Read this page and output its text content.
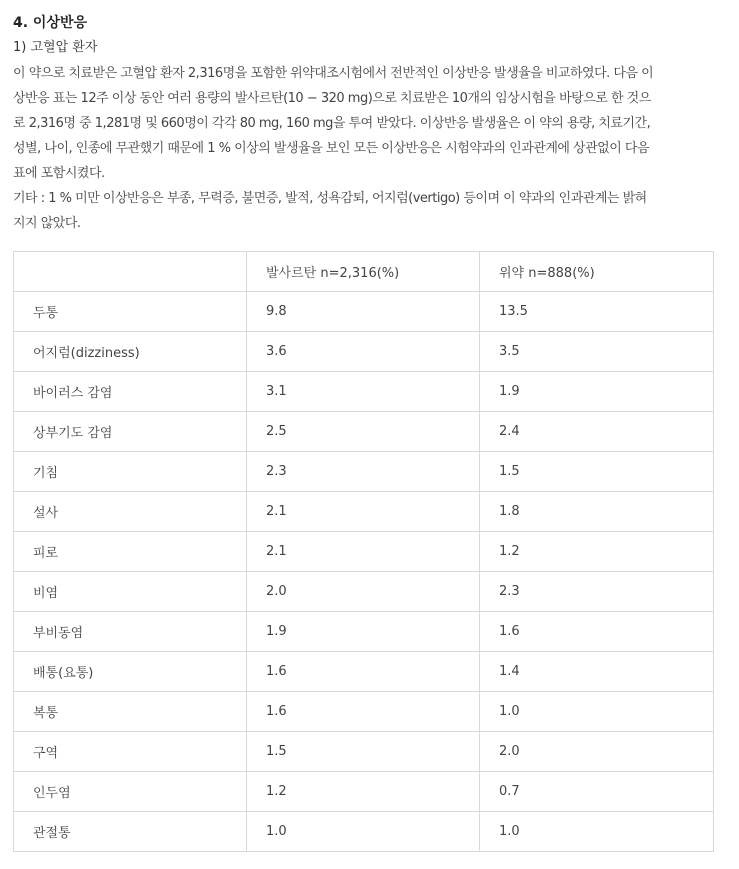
4. 이상반응
1) 고혈압 환자
이 약으로 치료받은 고혈압 환자 2,316명을 포함한 위약대조시험에서 전반적인 이상반응 발생율을 비교하였다. 다음 이
상반응 표는 12주 이상 동안 여러 용량의 발사르탄(10 − 320 mg)으로 치료받은 10개의 임상시험을 바탕으로 한 것으
로 2,316명 중 1,281명 및 660명이 각각 80 mg, 160 mg을 투여 받았다. 이상반응 발생율은 이 약의 용량, 치료기간,
성별, 나이, 인종에 무관했기 때문에 1 % 이상의 발생율을 보인 모든 이상반응은 시험약과의 인과관계에 상관없이 다음
표에 포함시켰다.
기타 : 1 % 미만 이상반응은 부종, 무력증, 불면증, 발적, 성욕감퇴, 어지럼(vertigo) 등이며 이 약과의 인과관계는 밝혀
지지 않았다.
	발사르탄 n=2,316(%)	위약 n=888(%)
두통	9.8	13.5
어지럼(dizziness)	3.6	3.5
바이러스 감염	3.1	1.9
상부기도 감염	2.5	2.4
기침	2.3	1.5
설사	2.1	1.8
피로	2.1	1.2
비염	2.0	2.3
부비동염	1.9	1.6
배통(요통)	1.6	1.4
복통	1.6	1.0
구역	1.5	2.0
인두염	1.2	0.7
관절통	1.0	1.0
